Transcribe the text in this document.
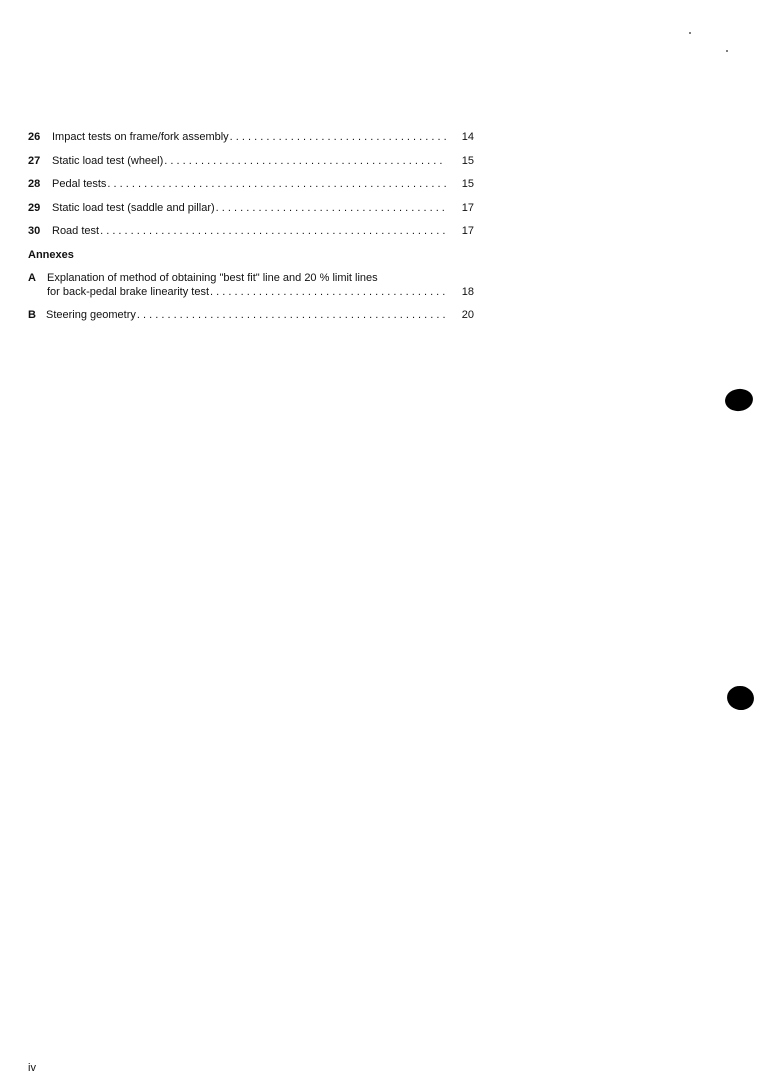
26	Impact tests on frame/fork assembly . . .	14
27	Static load test (wheel) . . .	15
28	Pedal tests . . .	15
29	Static load test (saddle and pillar) . . .	17
30	Road test . . .	17
Annexes
A	Explanation of method of obtaining "best fit" line and 20 % limit lines
for back-pedal brake linearity test . . .	18
B Steering geometry . . .	20
iv
